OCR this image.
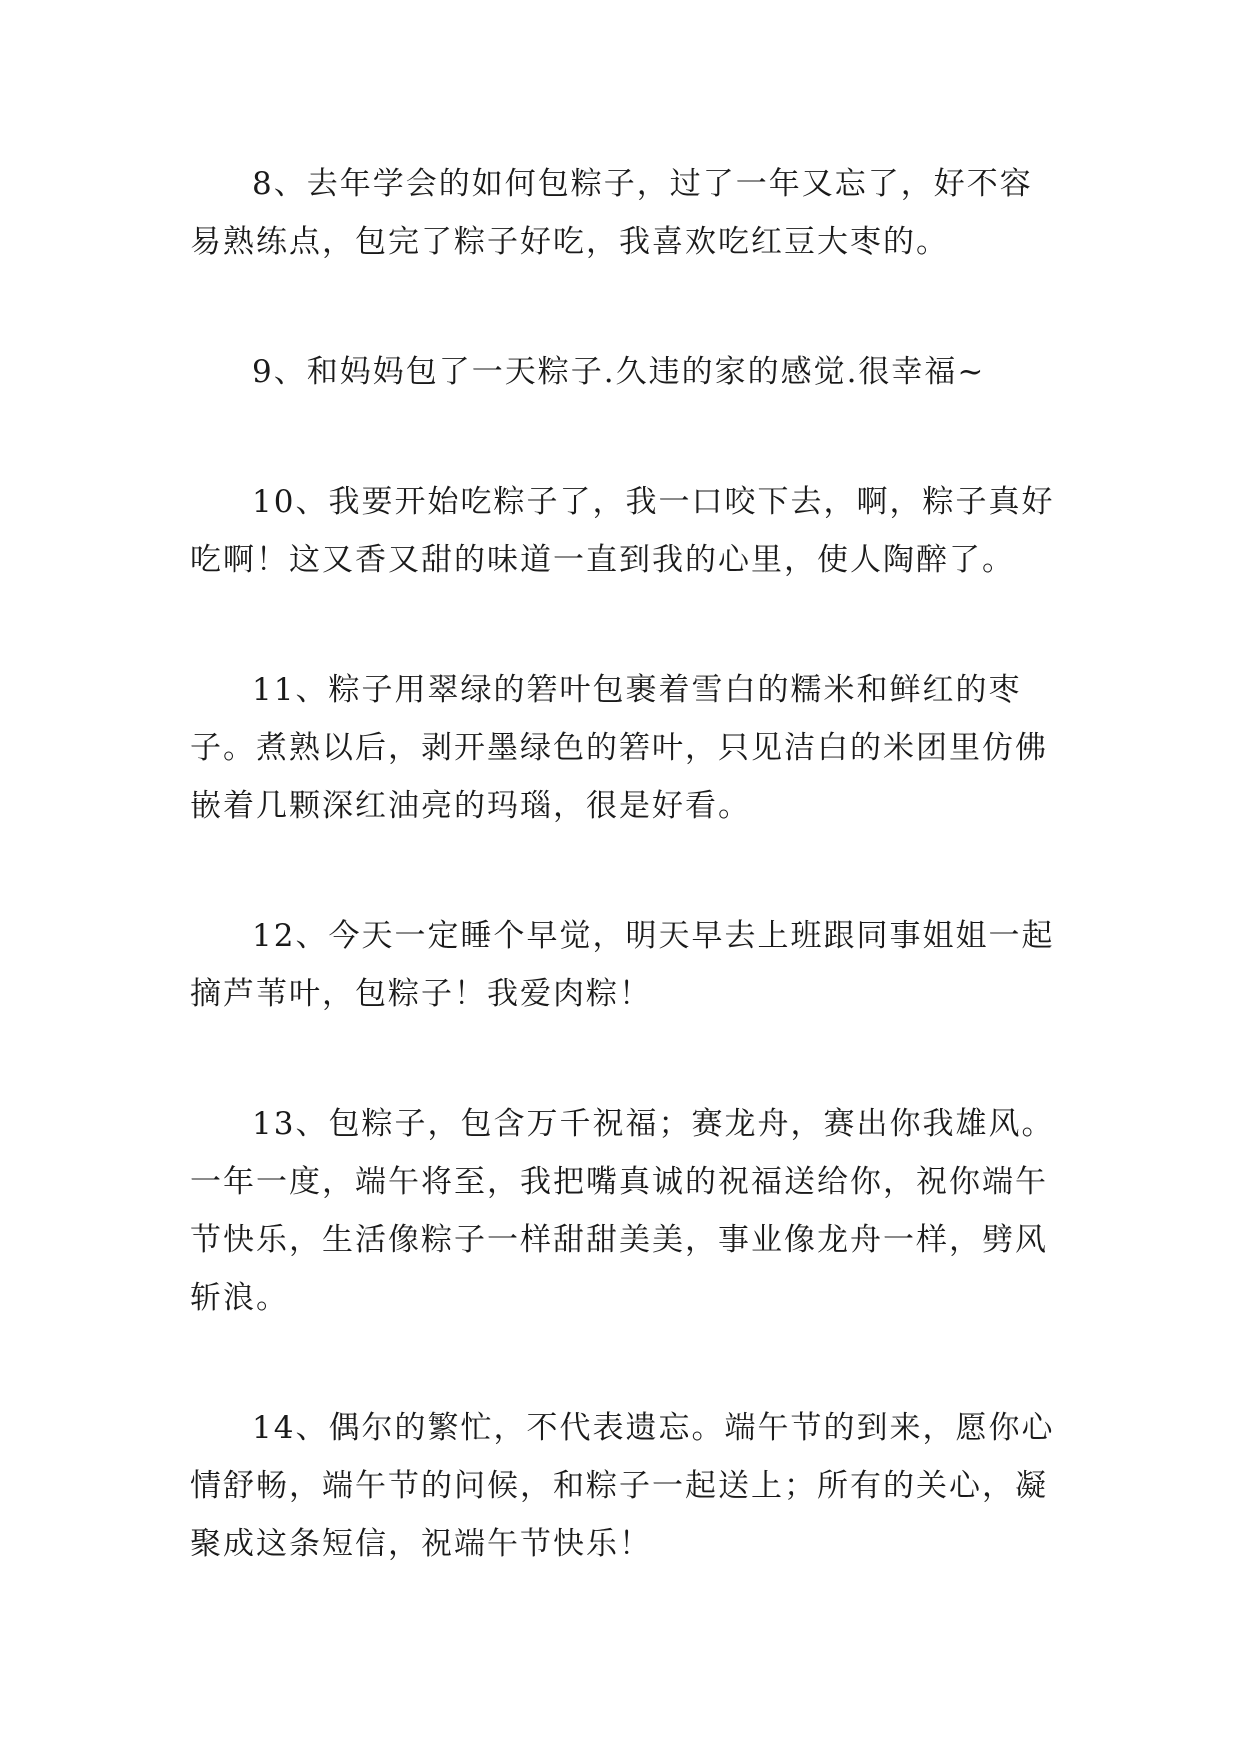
8、去年学会的如何包粽子，过了一年又忘了，好不容易熟练点，包完了粽子好吃，我喜欢吃红豆大枣的。

9、和妈妈包了一天粽子.久违的家的感觉.很幸福~

10、我要开始吃粽子了，我一口咬下去，啊，粽子真好吃啊！这又香又甜的味道一直到我的心里，使人陶醉了。

11、粽子用翠绿的箬叶包裹着雪白的糯米和鲜红的枣子。煮熟以后，剥开墨绿色的箬叶，只见洁白的米团里仿佛嵌着几颗深红油亮的玛瑙，很是好看。

12、今天一定睡个早觉，明天早去上班跟同事姐姐一起摘芦苇叶，包粽子！我爱肉粽！

13、包粽子，包含万千祝福；赛龙舟，赛出你我雄风。一年一度，端午将至，我把嘴真诚的祝福送给你，祝你端午节快乐，生活像粽子一样甜甜美美，事业像龙舟一样，劈风斩浪。

14、偶尔的繁忙，不代表遗忘。端午节的到来，愿你心情舒畅，端午节的问候，和粽子一起送上；所有的关心，凝聚成这条短信，祝端午节快乐！
